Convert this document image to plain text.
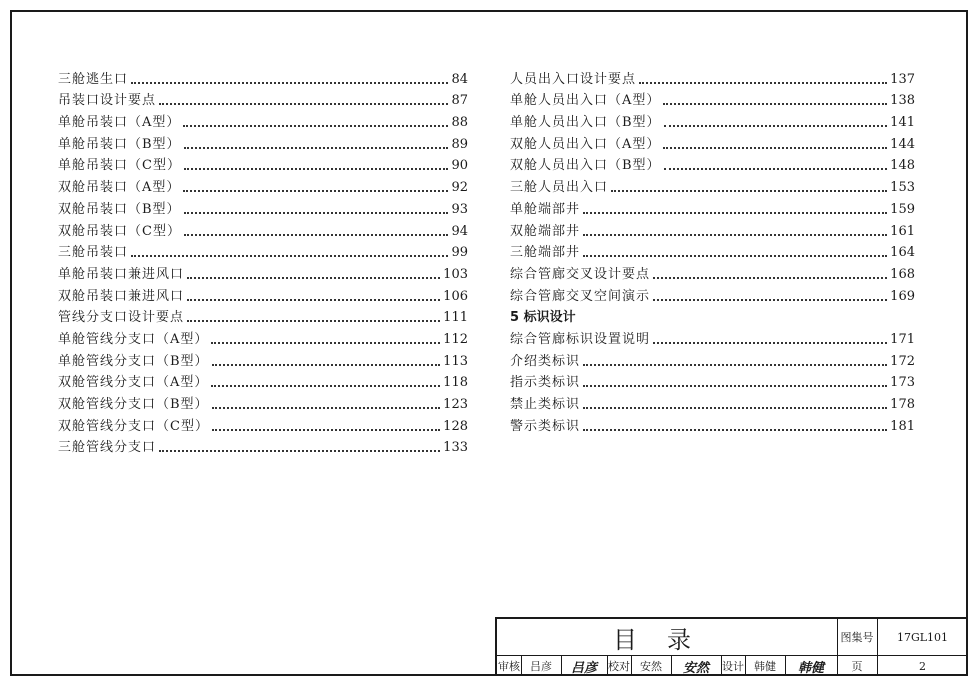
三舱逃生口	84
吊装口设计要点	87
单舱吊装口（A型）	88
单舱吊装口（B型）	89
单舱吊装口（C型）	90
双舱吊装口（A型）	92
双舱吊装口（B型）	93
双舱吊装口（C型）	94
三舱吊装口	99
单舱吊装口兼进风口	103
双舱吊装口兼进风口	106
管线分支口设计要点	111
单舱管线分支口（A型）	112
单舱管线分支口（B型）	113
双舱管线分支口（A型）	118
双舱管线分支口（B型）	123
双舱管线分支口（C型）	128
三舱管线分支口	133
人员出入口设计要点	137
单舱人员出入口（A型）	138
单舱人员出入口（B型）	141
双舱人员出入口（A型）	144
双舱人员出入口（B型）	148
三舱人员出入口	153
单舱端部井	159
双舱端部井	161
三舱端部井	164
综合管廊交叉设计要点	168
综合管廊交叉空间演示	169
5 标识设计
综合管廊标识设置说明	171
介绍类标识	172
指示类标识	173
禁止类标识	178
警示类标识	181
目录	图集号	17GL101
审核 吕彦	吕彦	校对 安然	安然	设计 韩健	韩健	页	2
